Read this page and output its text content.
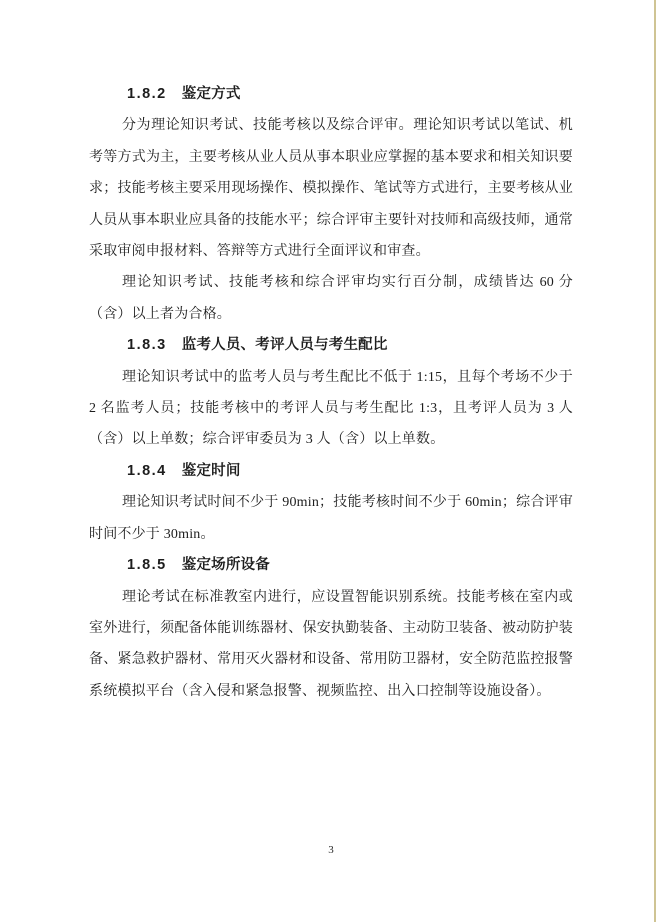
1.8.2 鉴定方式

分为理论知识考试、技能考核以及综合评审。理论知识考试以笔试、机考等方式为主，主要考核从业人员从事本职业应掌握的基本要求和相关知识要求；技能考核主要采用现场操作、模拟操作、笔试等方式进行，主要考核从业人员从事本职业应具备的技能水平；综合评审主要针对技师和高级技师，通常采取审阅申报材料、答辩等方式进行全面评议和审查。

理论知识考试、技能考核和综合评审均实行百分制，成绩皆达 60 分（含）以上者为合格。

1.8.3 监考人员、考评人员与考生配比

理论知识考试中的监考人员与考生配比不低于 1:15，且每个考场不少于 2 名监考人员；技能考核中的考评人员与考生配比 1:3，且考评人员为 3 人（含）以上单数；综合评审委员为 3 人（含）以上单数。

1.8.4 鉴定时间

理论知识考试时间不少于 90min；技能考核时间不少于 60min；综合评审时间不少于 30min。

1.8.5 鉴定场所设备

理论考试在标准教室内进行，应设置智能识别系统。技能考核在室内或室外进行，须配备体能训练器材、保安执勤装备、主动防卫装备、被动防护装备、紧急救护器材、常用灭火器材和设备、常用防卫器材，安全防范监控报警系统模拟平台（含入侵和紧急报警、视频监控、出入口控制等设施设备）。

3
